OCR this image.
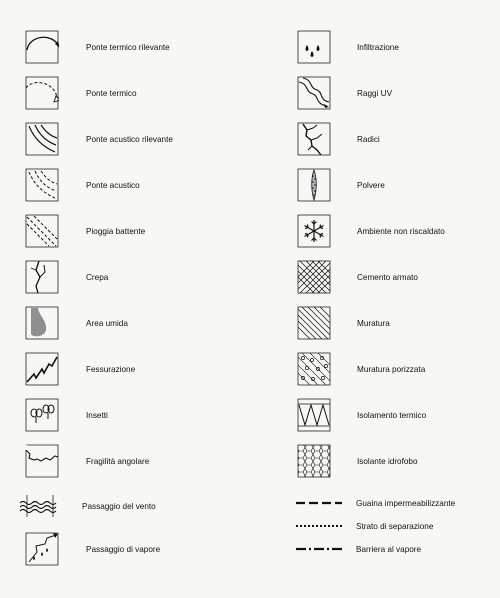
Ponte termico rilevante
Ponte termico
Ponte acustico rilevante
Ponte acustico
Pioggia battente
Crepa
Area umida
Fessurazione
Insetti
Fragilità angolare
Passaggio del vento
Passaggio di vapore
Infiltrazione
Raggi UV
Radici
Polvere
Ambiente non riscaldato
Cemento armato
Muratura
Muratura porizzata
Isolamento termico
Isolante idrofobo
Guaina impermeabilizzante
Strato di separazione
Barriera al vapore
